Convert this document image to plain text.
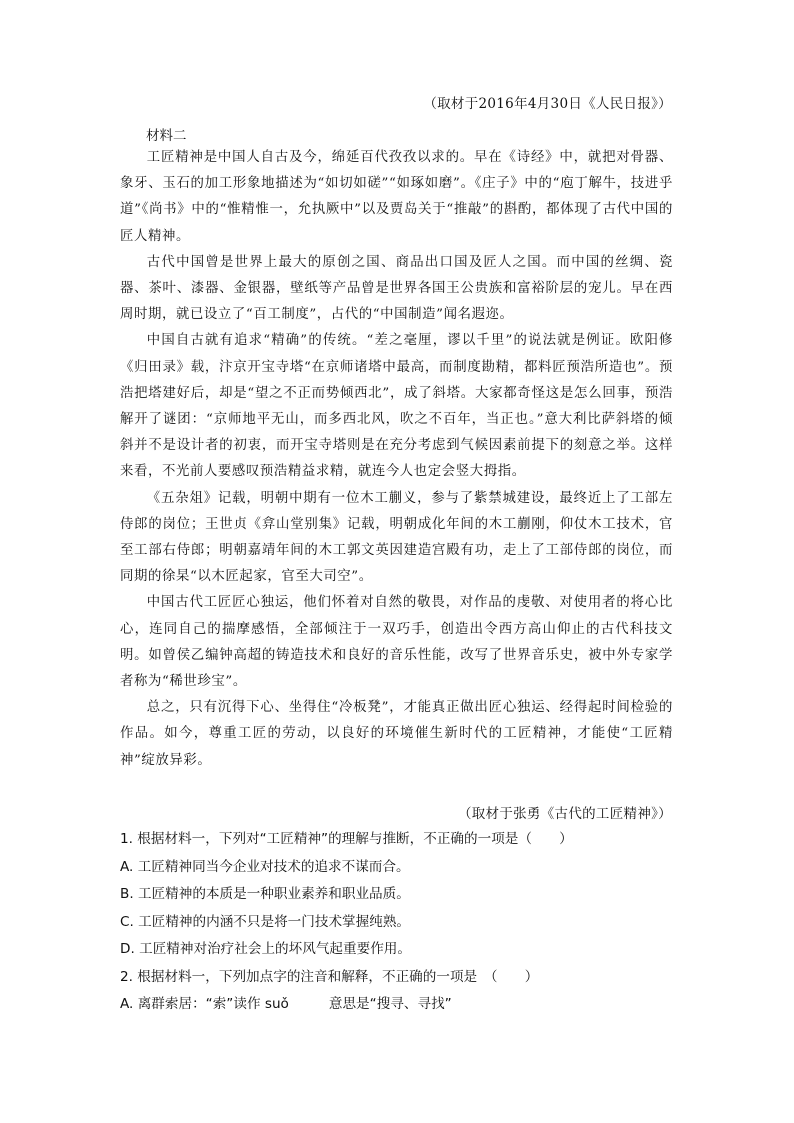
（取材于2016年4月30日《人民日报》）
材料二

工匠精神是中国人自古及今，绵延百代孜孜以求的。早在《诗经》中，就把对骨器、象牙、玉石的加工形象地描述为“如切如磋”“如琢如磨”。《庄子》中的“庖丁解牛，技进乎道”《尚书》中的“惟精惟一，允执厥中”以及贾岛关于“推敲”的斟酌，都体现了古代中国的匠人精神。

古代中国曾是世界上最大的原创之国、商品出口国及匠人之国。而中国的丝绸、瓷器、茶叶、漆器、金银器，壁纸等产品曾是世界各国王公贵族和富裕阶层的宠儿。早在西周时期，就已设立了“百工制度”，占代的“中国制造”闻名遐迩。

中国自古就有追求“精确”的传统。“差之毫厘，谬以千里”的说法就是例证。欧阳修《归田录》载，汴京开宝寺塔“在京师诸塔中最高，而制度勘精，都料匠预浩所造也”。预浩把塔建好后，却是“望之不正而势倾西北”，成了斜塔。大家都奇怪这是怎么回事，预浩解开了谜团：“京师地平无山，而多西北风，吹之不百年，当正也。”意大利比萨斜塔的倾斜并不是设计者的初衷，而开宝寺塔则是在充分考虑到气候因素前提下的刻意之举。这样来看，不光前人要感叹预浩精益求精，就连今人也定会竖大拇指。

《五杂俎》记载，明朝中期有一位木工蒯义，参与了紫禁城建设，最终近上了工部左侍郎的岗位；王世贞《弇山堂别集》记载，明朝成化年间的木工蒯刚，仰仗木工技术，官至工部右侍郎；明朝嘉靖年间的木工郭文英因建造宫殿有功，走上了工部侍郎的岗位，而同期的徐杲“以木匠起家，官至大司空”。

中国古代工匠匠心独运，他们怀着对自然的敬畏，对作品的虔敬、对使用者的将心比心，连同自己的揣摩感悟，全部倾注于一双巧手，创造出令西方高山仰止的古代科技文明。如曾侯乙编钟高超的铸造技术和良好的音乐性能，改写了世界音乐史，被中外专家学者称为“稀世珍宝”。

总之，只有沉得下心、坐得住“冷板凳”，才能真正做出匠心独运、经得起时间检验的作品。如今，尊重工匠的劳动，以良好的环境催生新时代的工匠精神，才能使“工匠精神”绽放异彩。

（取材于张勇《古代的工匠精神》）
1. 根据材料一，下列对“工匠精神”的理解与推断，不正确的一项是（　　）
A. 工匠精神同当今企业对技术的追求不谋而合。
B. 工匠精神的本质是一种职业素养和职业品质。
C. 工匠精神的内涵不只是将一门技术掌握纯熟。
D. 工匠精神对治疗社会上的坏风气起重要作用。
2. 根据材料一，下列加点字的注音和解释，不正确的一项是　（　　）
A. 离群索居：“索”读作 suǒ	意思是“搜寻、寻找”
